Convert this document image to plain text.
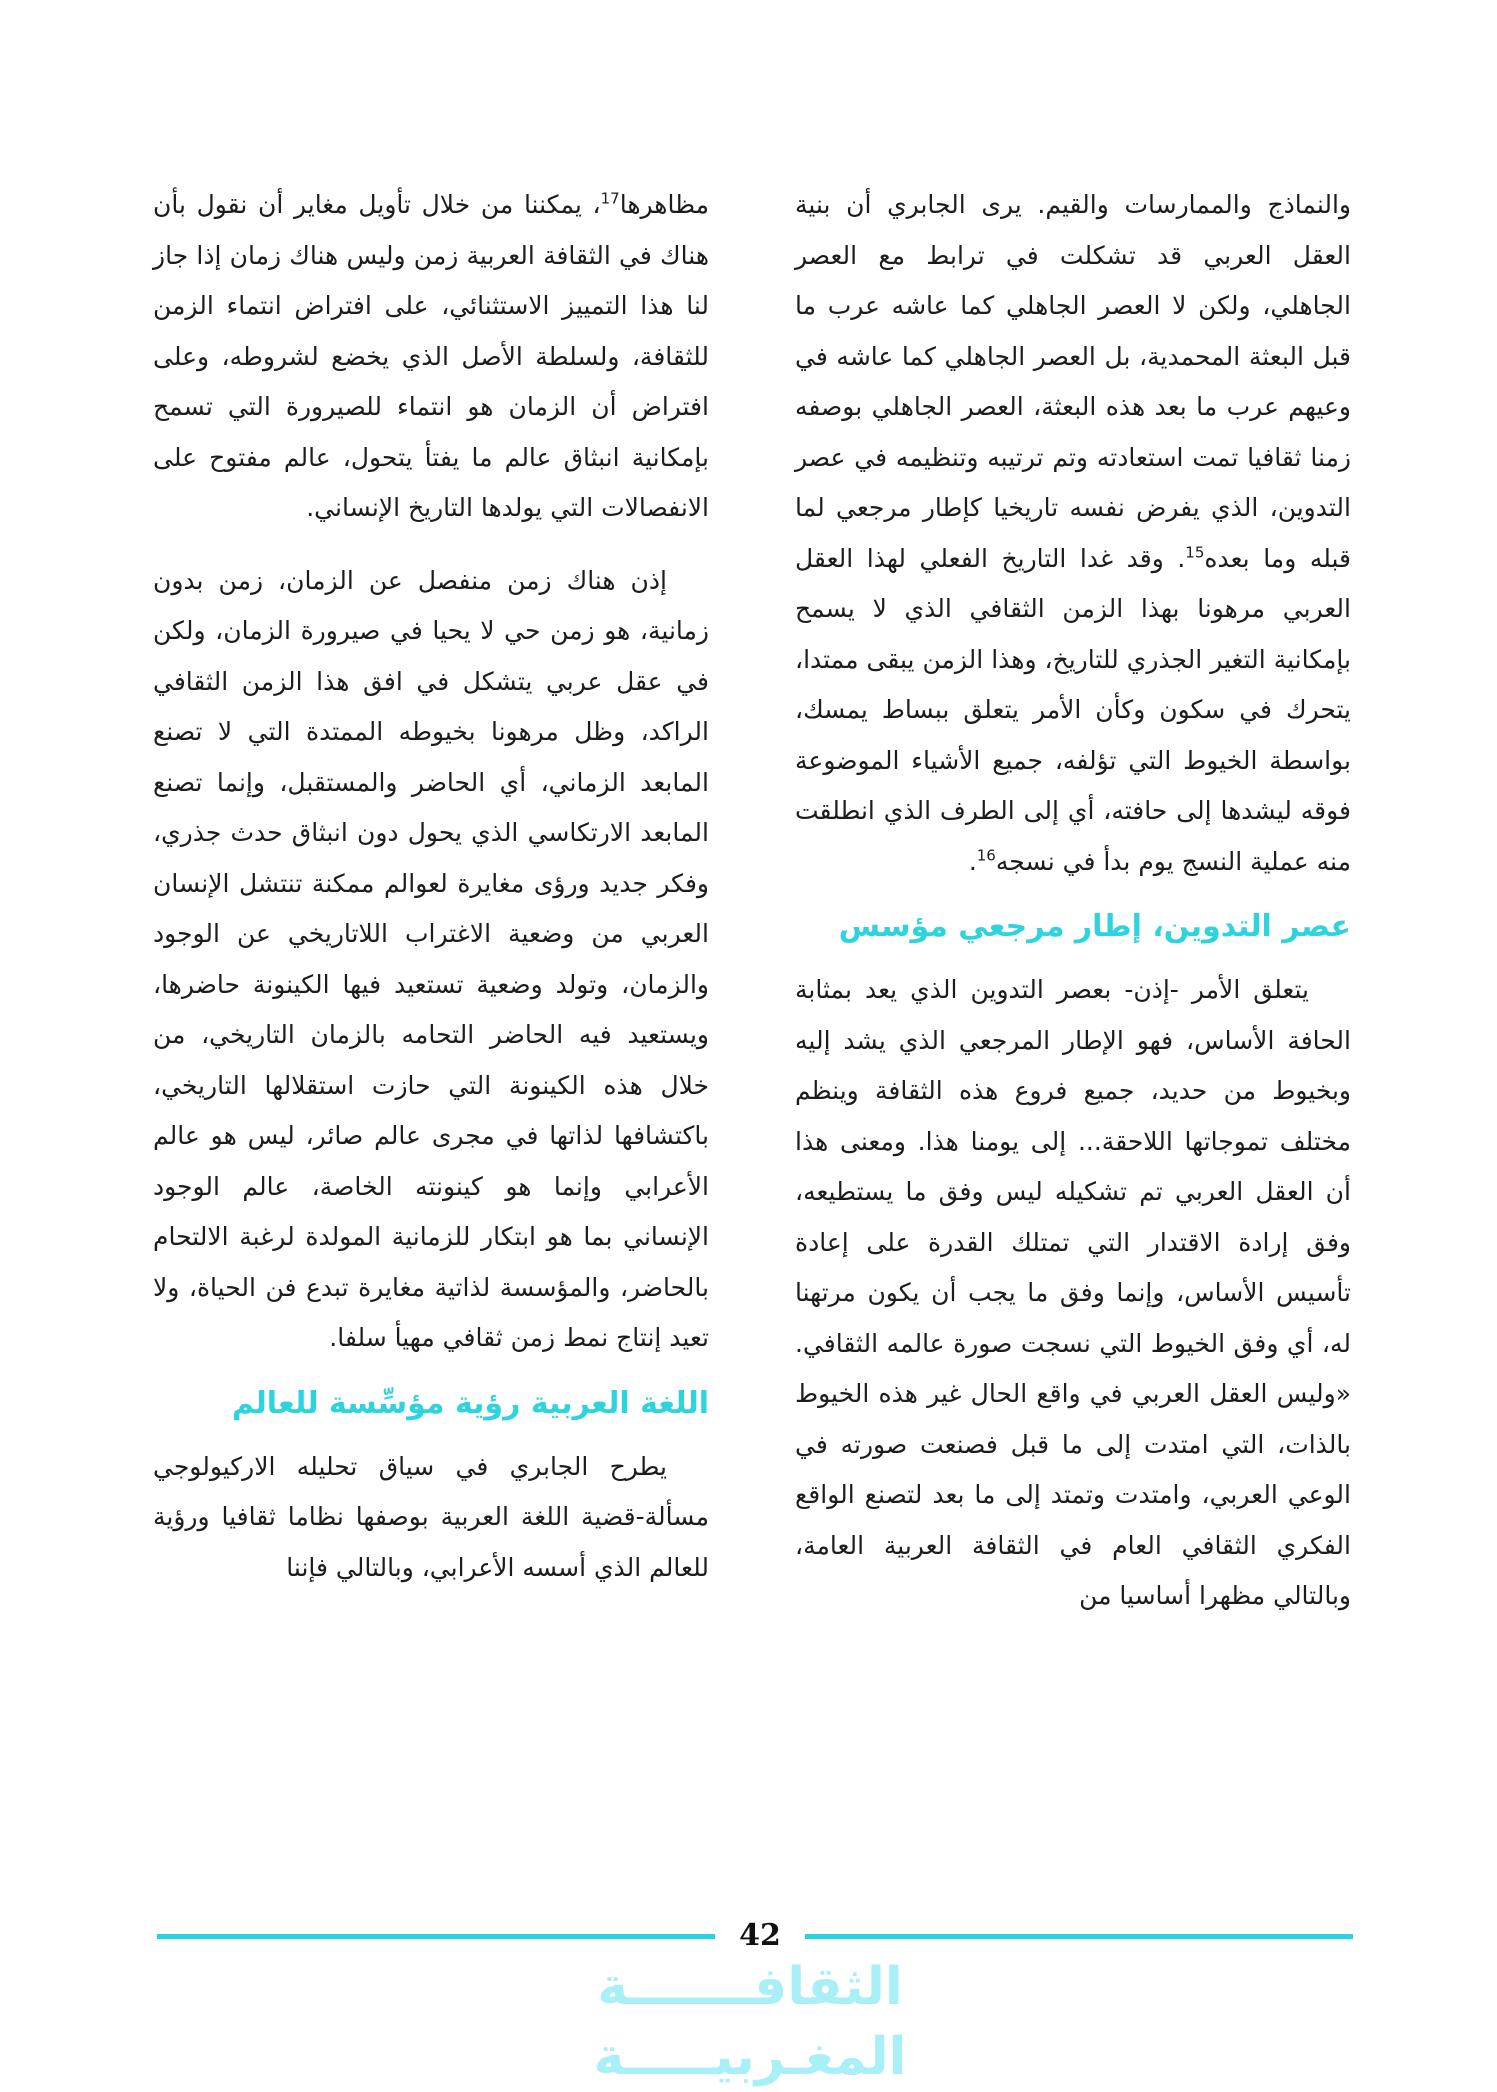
والنماذج والممارسات والقيم. يرى الجابري أن بنية العقل العربي قد تشكلت في ترابط مع العصر الجاهلي، ولكن لا العصر الجاهلي كما عاشه عرب ما قبل البعثة المحمدية، بل العصر الجاهلي كما عاشه في وعيهم عرب ما بعد هذه البعثة، العصر الجاهلي بوصفه زمنا ثقافيا تمت استعادته وتم ترتيبه وتنظيمه في عصر التدوين، الذي يفرض نفسه تاريخيا كإطار مرجعي لما قبله وما بعده$^{15}$. وقد غدا التاريخ الفعلي لهذا العقل العربي مرهونا بهذا الزمن الثقافي الذي لا يسمح بإمكانية التغير الجذري للتاريخ، وهذا الزمن يبقى ممتدا، يتحرك في سكون وكأن الأمر يتعلق ببساط يمسك، بواسطة الخيوط التي تؤلفه، جميع الأشياء الموضوعة فوقه ليشدها إلى حافته، أي إلى الطرف الذي انطلقت منه عملية النسج يوم بدأ في نسجه$^{16}$.

عصر التدوين، إطار مرجعي مؤسس

يتعلق الأمر -إذن- بعصر التدوين الذي يعد بمثابة الحافة الأساس، فهو الإطار المرجعي الذي يشد إليه وبخيوط من حديد، جميع فروع هذه الثقافة وينظم مختلف تموجاتها اللاحقة... إلى يومنا هذا. ومعنى هذا أن العقل العربي تم تشكيله ليس وفق ما يستطيعه، وفق إرادة الاقتدار التي تمتلك القدرة على إعادة تأسيس الأساس، وإنما وفق ما يجب أن يكون مرتهنا له، أي وفق الخيوط التي نسجت صورة عالمه الثقافي. «وليس العقل العربي في واقع الحال غير هذه الخيوط بالذات، التي امتدت إلى ما قبل فصنعت صورته في الوعي العربي، وامتدت وتمتد إلى ما بعد لتصنع الواقع الفكري الثقافي العام في الثقافة العربية العامة، وبالتالي مظهرا أساسيا من

مظاهرها$^{17}$، يمكننا من خلال تأويل مغاير أن نقول بأن هناك في الثقافة العربية زمن وليس هناك زمان إذا جاز لنا هذا التمييز الاستثنائي، على افتراض انتماء الزمن للثقافة، ولسلطة الأصل الذي يخضع لشروطه، وعلى افتراض أن الزمان هو انتماء للصيرورة التي تسمح بإمكانية انبثاق عالم ما يفتأ يتحول، عالم مفتوح على الانفصالات التي يولدها التاريخ الإنساني.

إذن هناك زمن منفصل عن الزمان، زمن بدون زمانية، هو زمن حي لا يحيا في صيرورة الزمان، ولكن في عقل عربي يتشكل في افق هذا الزمن الثقافي الراكد، وظل مرهونا بخيوطه الممتدة التي لا تصنع المابعد الزماني، أي الحاضر والمستقبل، وإنما تصنع المابعد الارتكاسي الذي يحول دون انبثاق حدث جذري، وفكر جديد ورؤى مغايرة لعوالم ممكنة تنتشل الإنسان العربي من وضعية الاغتراب اللاتاريخي عن الوجود والزمان، وتولد وضعية تستعيد فيها الكينونة حاضرها، ويستعيد فيه الحاضر التحامه بالزمان التاريخي، من خلال هذه الكينونة التي حازت استقلالها التاريخي، باكتشافها لذاتها في مجرى عالم صائر، ليس هو عالم الأعرابي وإنما هو كينونته الخاصة، عالم الوجود الإنساني بما هو ابتكار للزمانية المولدة لرغبة الالتحام بالحاضر، والمؤسسة لذاتية مغايرة تبدع فن الحياة، ولا تعيد إنتاج نمط زمن ثقافي مهيأ سلفا.

اللغة العربية رؤية مؤسِّسة للعالم

يطرح الجابري في سياق تحليله الاركيولوجي مسألة-قضية اللغة العربية بوصفها نظاما ثقافيا ورؤية للعالم الذي أسسه الأعرابي، وبالتالي فإننا

42
الثقافـــــــة المغـربيـــــة
